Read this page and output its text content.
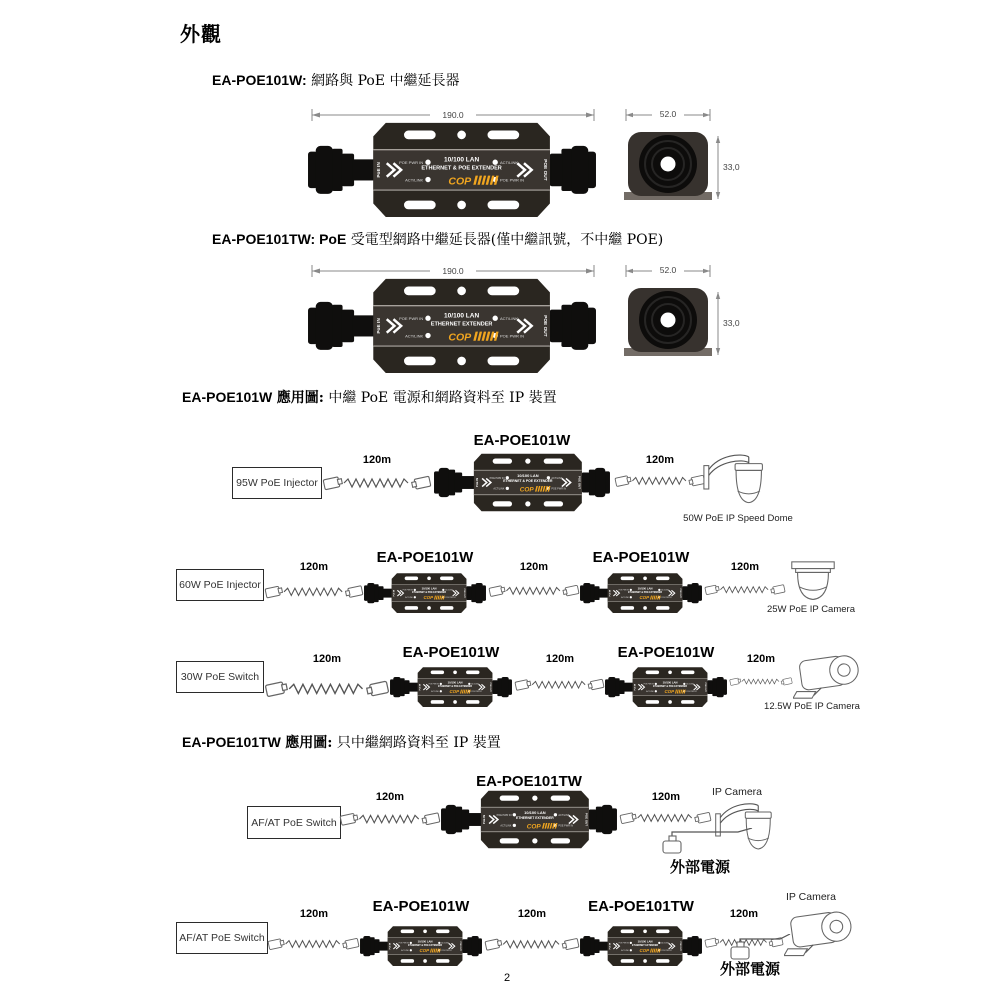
外觀
EA-POE101W: 網路與 PoE 中繼延長器
190.0
PoE IN	POE OUT
POE PWR IN
ACT/LINK
ACT/LINK
POE PWR IN
10/100 LAN
ETHERNET & POE EXTENDER
COP
52.0
33,0
EA-POE101TW: PoE 受電型網路中繼延長器(僅中繼訊號，不中繼 POE)
190.0
PoE IN	POE OUT
POE PWR IN
ACT/LINK
ACT/LINK
POE PWR IN
10/100 LAN
ETHERNET EXTENDER
COP
52.0
33,0
EA-POE101W 應用圖: 中繼 PoE 電源和網路資料至 IP 裝置
EA-POE101W
95W PoE Injector
120m
PoE IN	POE OUT
POE PWR IN
ACT/LINK
ACT/LINK
POE PWR IN
10/100 LAN
ETHERNET & POE EXTENDER
COP
120m
50W PoE IP Speed Dome
EA-POE101W	EA-POE101W
60W PoE Injector
120m
PoE IN	POE OUT
POE PWR IN
ACT/LINK
ACT/LINK
POE PWR IN
10/100 LAN
ETHERNET & POE EXTENDER
COP
120m
PoE IN	POE OUT
POE PWR IN
ACT/LINK
ACT/LINK
POE PWR IN
10/100 LAN
ETHERNET & POE EXTENDER
COP
120m
25W PoE IP Camera
EA-POE101W	EA-POE101W
30W PoE Switch
120m
PoE IN	POE OUT
POE PWR IN
ACT/LINK
ACT/LINK
POE PWR IN
10/100 LAN
ETHERNET & POE EXTENDER
COP
120m
PoE IN	POE OUT
POE PWR IN
ACT/LINK
ACT/LINK
POE PWR IN
10/100 LAN
ETHERNET & POE EXTENDER
COP
120m
12.5W PoE IP Camera
EA-POE101TW 應用圖: 只中繼網路資料至 IP 裝置
EA-POE101TW
AF/AT PoE Switch
120m
PoE IN	POE OUT
POE PWR IN
ACT/LINK
ACT/LINK
POE PWR IN
10/100 LAN
ETHERNET EXTENDER
COP
120m	IP Camera
外部電源
EA-POE101W	EA-POE101TW
AF/AT PoE Switch
120m
PoE IN	POE OUT
POE PWR IN
ACT/LINK
ACT/LINK
POE PWR IN
10/100 LAN
ETHERNET & POE EXTENDER
COP
120m
PoE IN	POE OUT
POE PWR IN
ACT/LINK
ACT/LINK
POE PWR IN
10/100 LAN
ETHERNET EXTENDER
COP
120m
IP Camera
外部電源
2
